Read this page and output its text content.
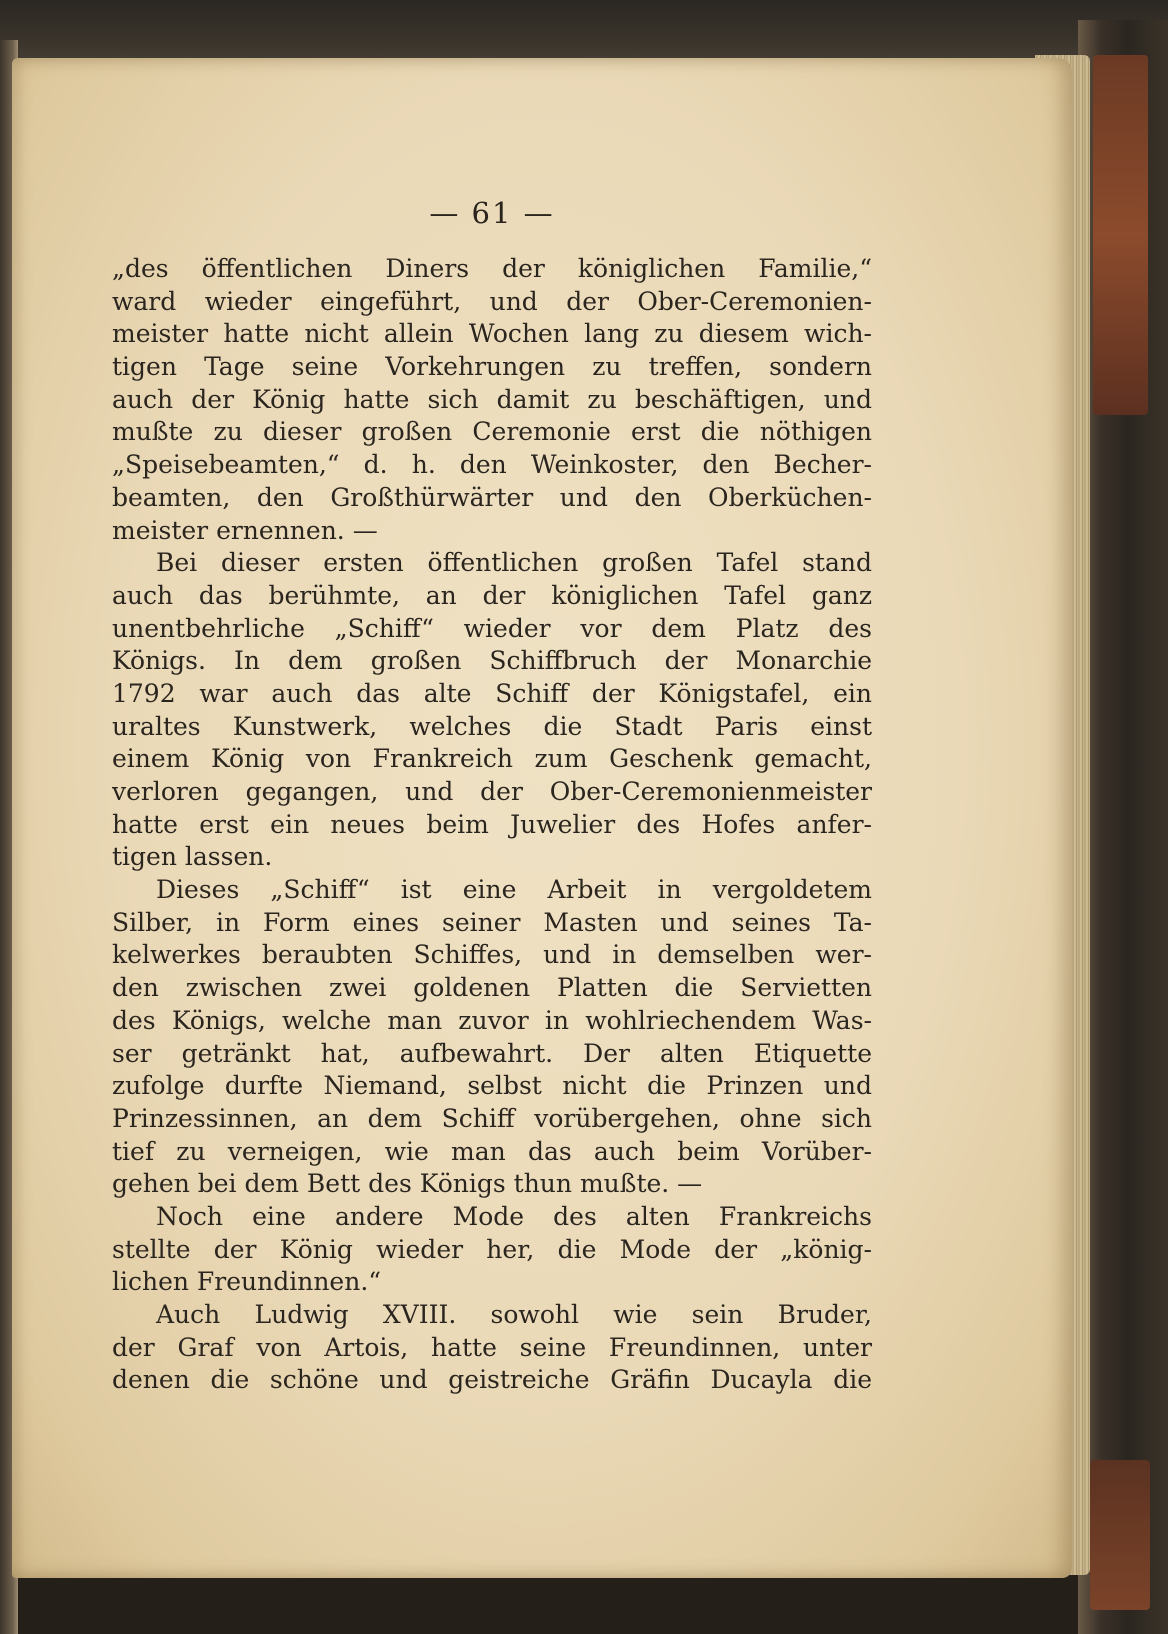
— 61 —
„des öffentlichen Diners der königlichen Familie,“
ward wieder eingeführt, und der Ober-Ceremonien-
meister hatte nicht allein Wochen lang zu diesem wich-
tigen Tage seine Vorkehrungen zu treffen, sondern
auch der König hatte sich damit zu beschäftigen, und
mußte zu dieser großen Ceremonie erst die nöthigen
„Speisebeamten,“ d. h. den Weinkoster, den Becher-
beamten, den Großthürwärter und den Oberküchen-
meister ernennen. —
Bei dieser ersten öffentlichen großen Tafel stand
auch das berühmte, an der königlichen Tafel ganz
unentbehrliche „Schiff“ wieder vor dem Platz des
Königs. In dem großen Schiffbruch der Monarchie
1792 war auch das alte Schiff der Königstafel, ein
uraltes Kunstwerk, welches die Stadt Paris einst
einem König von Frankreich zum Geschenk gemacht,
verloren gegangen, und der Ober-Ceremonienmeister
hatte erst ein neues beim Juwelier des Hofes anfer-
tigen lassen.
Dieses „Schiff“ ist eine Arbeit in vergoldetem
Silber, in Form eines seiner Masten und seines Ta-
kelwerkes beraubten Schiffes, und in demselben wer-
den zwischen zwei goldenen Platten die Servietten
des Königs, welche man zuvor in wohlriechendem Was-
ser getränkt hat, aufbewahrt. Der alten Etiquette
zufolge durfte Niemand, selbst nicht die Prinzen und
Prinzessinnen, an dem Schiff vorübergehen, ohne sich
tief zu verneigen, wie man das auch beim Vorüber-
gehen bei dem Bett des Königs thun mußte. —
Noch eine andere Mode des alten Frankreichs
stellte der König wieder her, die Mode der „könig-
lichen Freundinnen.“
Auch Ludwig XVIII. sowohl wie sein Bruder,
der Graf von Artois, hatte seine Freundinnen, unter
denen die schöne und geistreiche Gräfin Ducayla die
